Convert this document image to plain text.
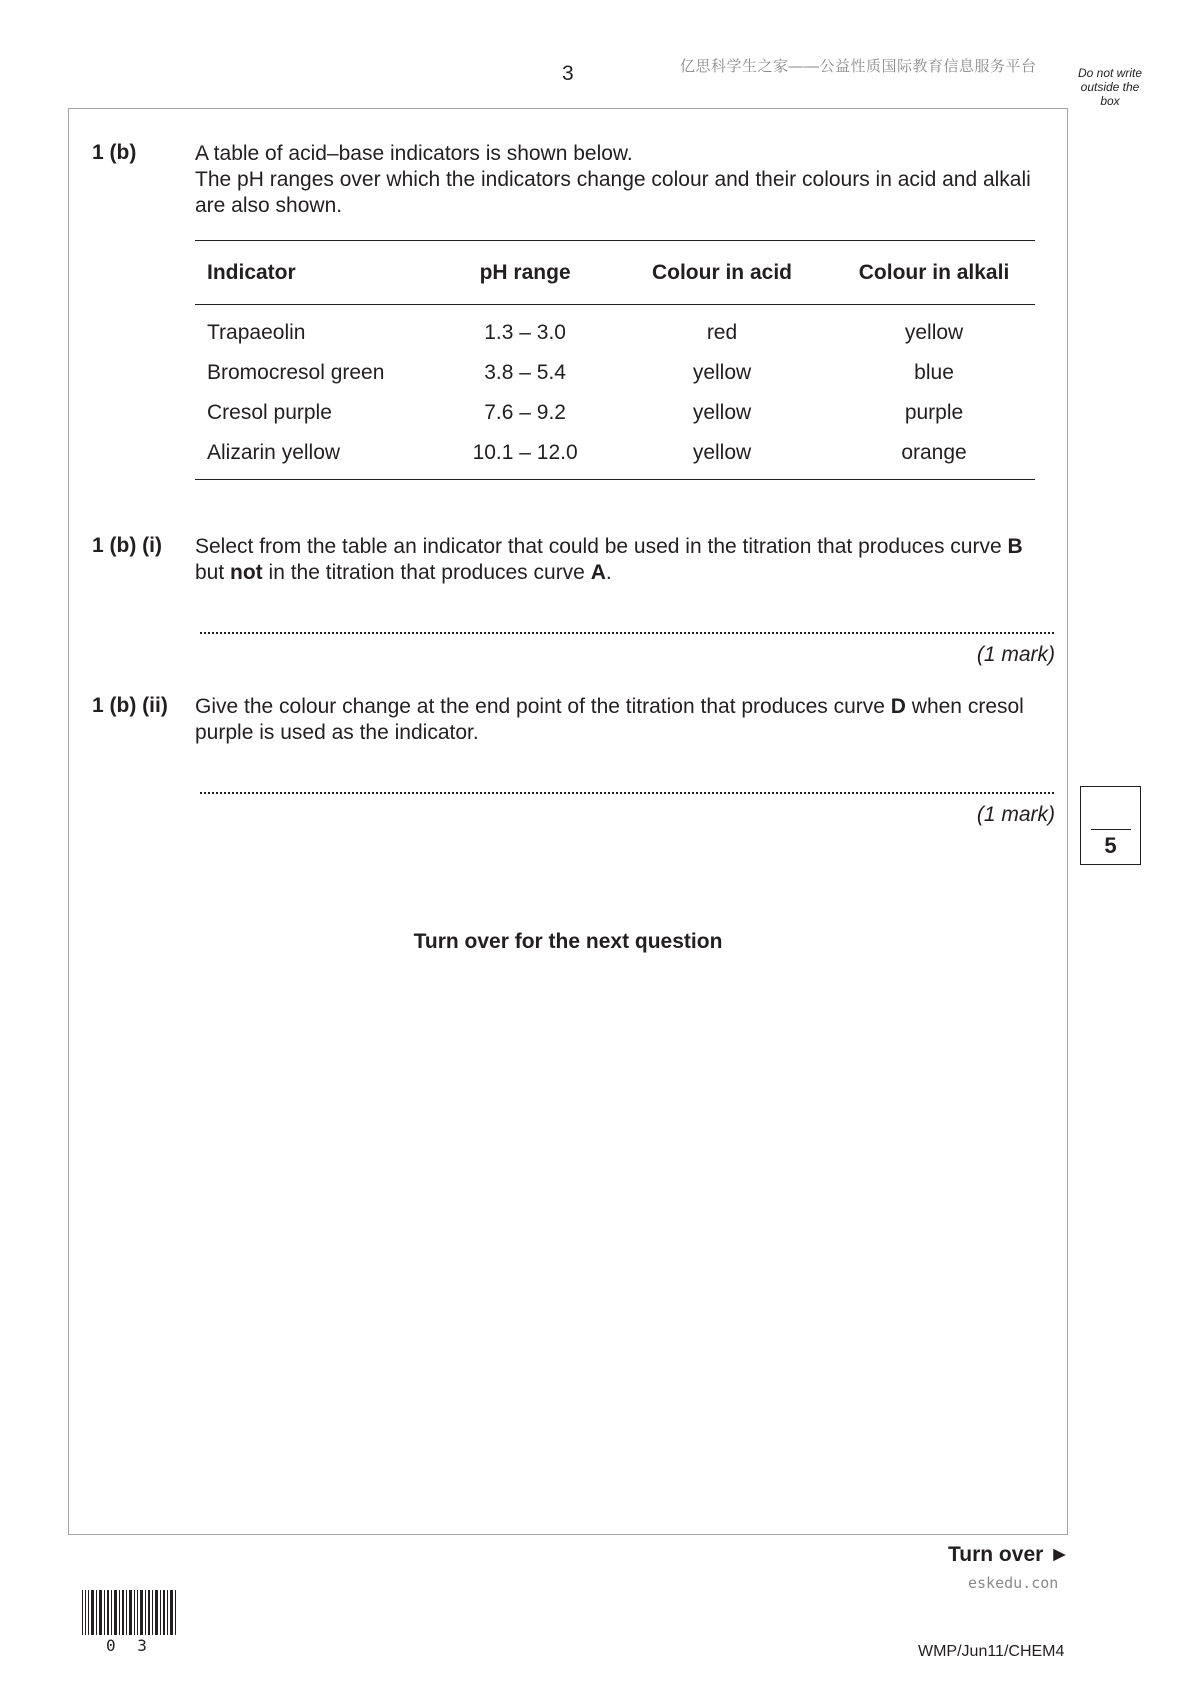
3	亿思科学生之家——公益性质国际教育信息服务平台	Do not write
outside the
box
1 (b)	A table of acid–base indicators is shown below.

The pH ranges over which the indicators change colour and their colours in acid and alkali are also shown.

Indicator	pH range	Colour in acid	Colour in alkali
Trapaeolin	1.3 – 3.0	red	yellow
Bromocresol green	3.8 – 5.4	yellow	blue
Cresol purple	7.6 – 9.2	yellow	purple
Alizarin yellow	10.1 – 12.0	yellow	orange
1 (b) (i) Select from the table an indicator that could be used in the titration that produces curve B but not in the titration that produces curve A.
(1 mark)
1 (b) (ii) Give the colour change at the end point of the titration that produces curve D when cresol purple is used as the indicator.
(1 mark)
5
Turn over for the next question
Turn over ►
eskedu.con
0 3	WMP/Jun11/CHEM4
